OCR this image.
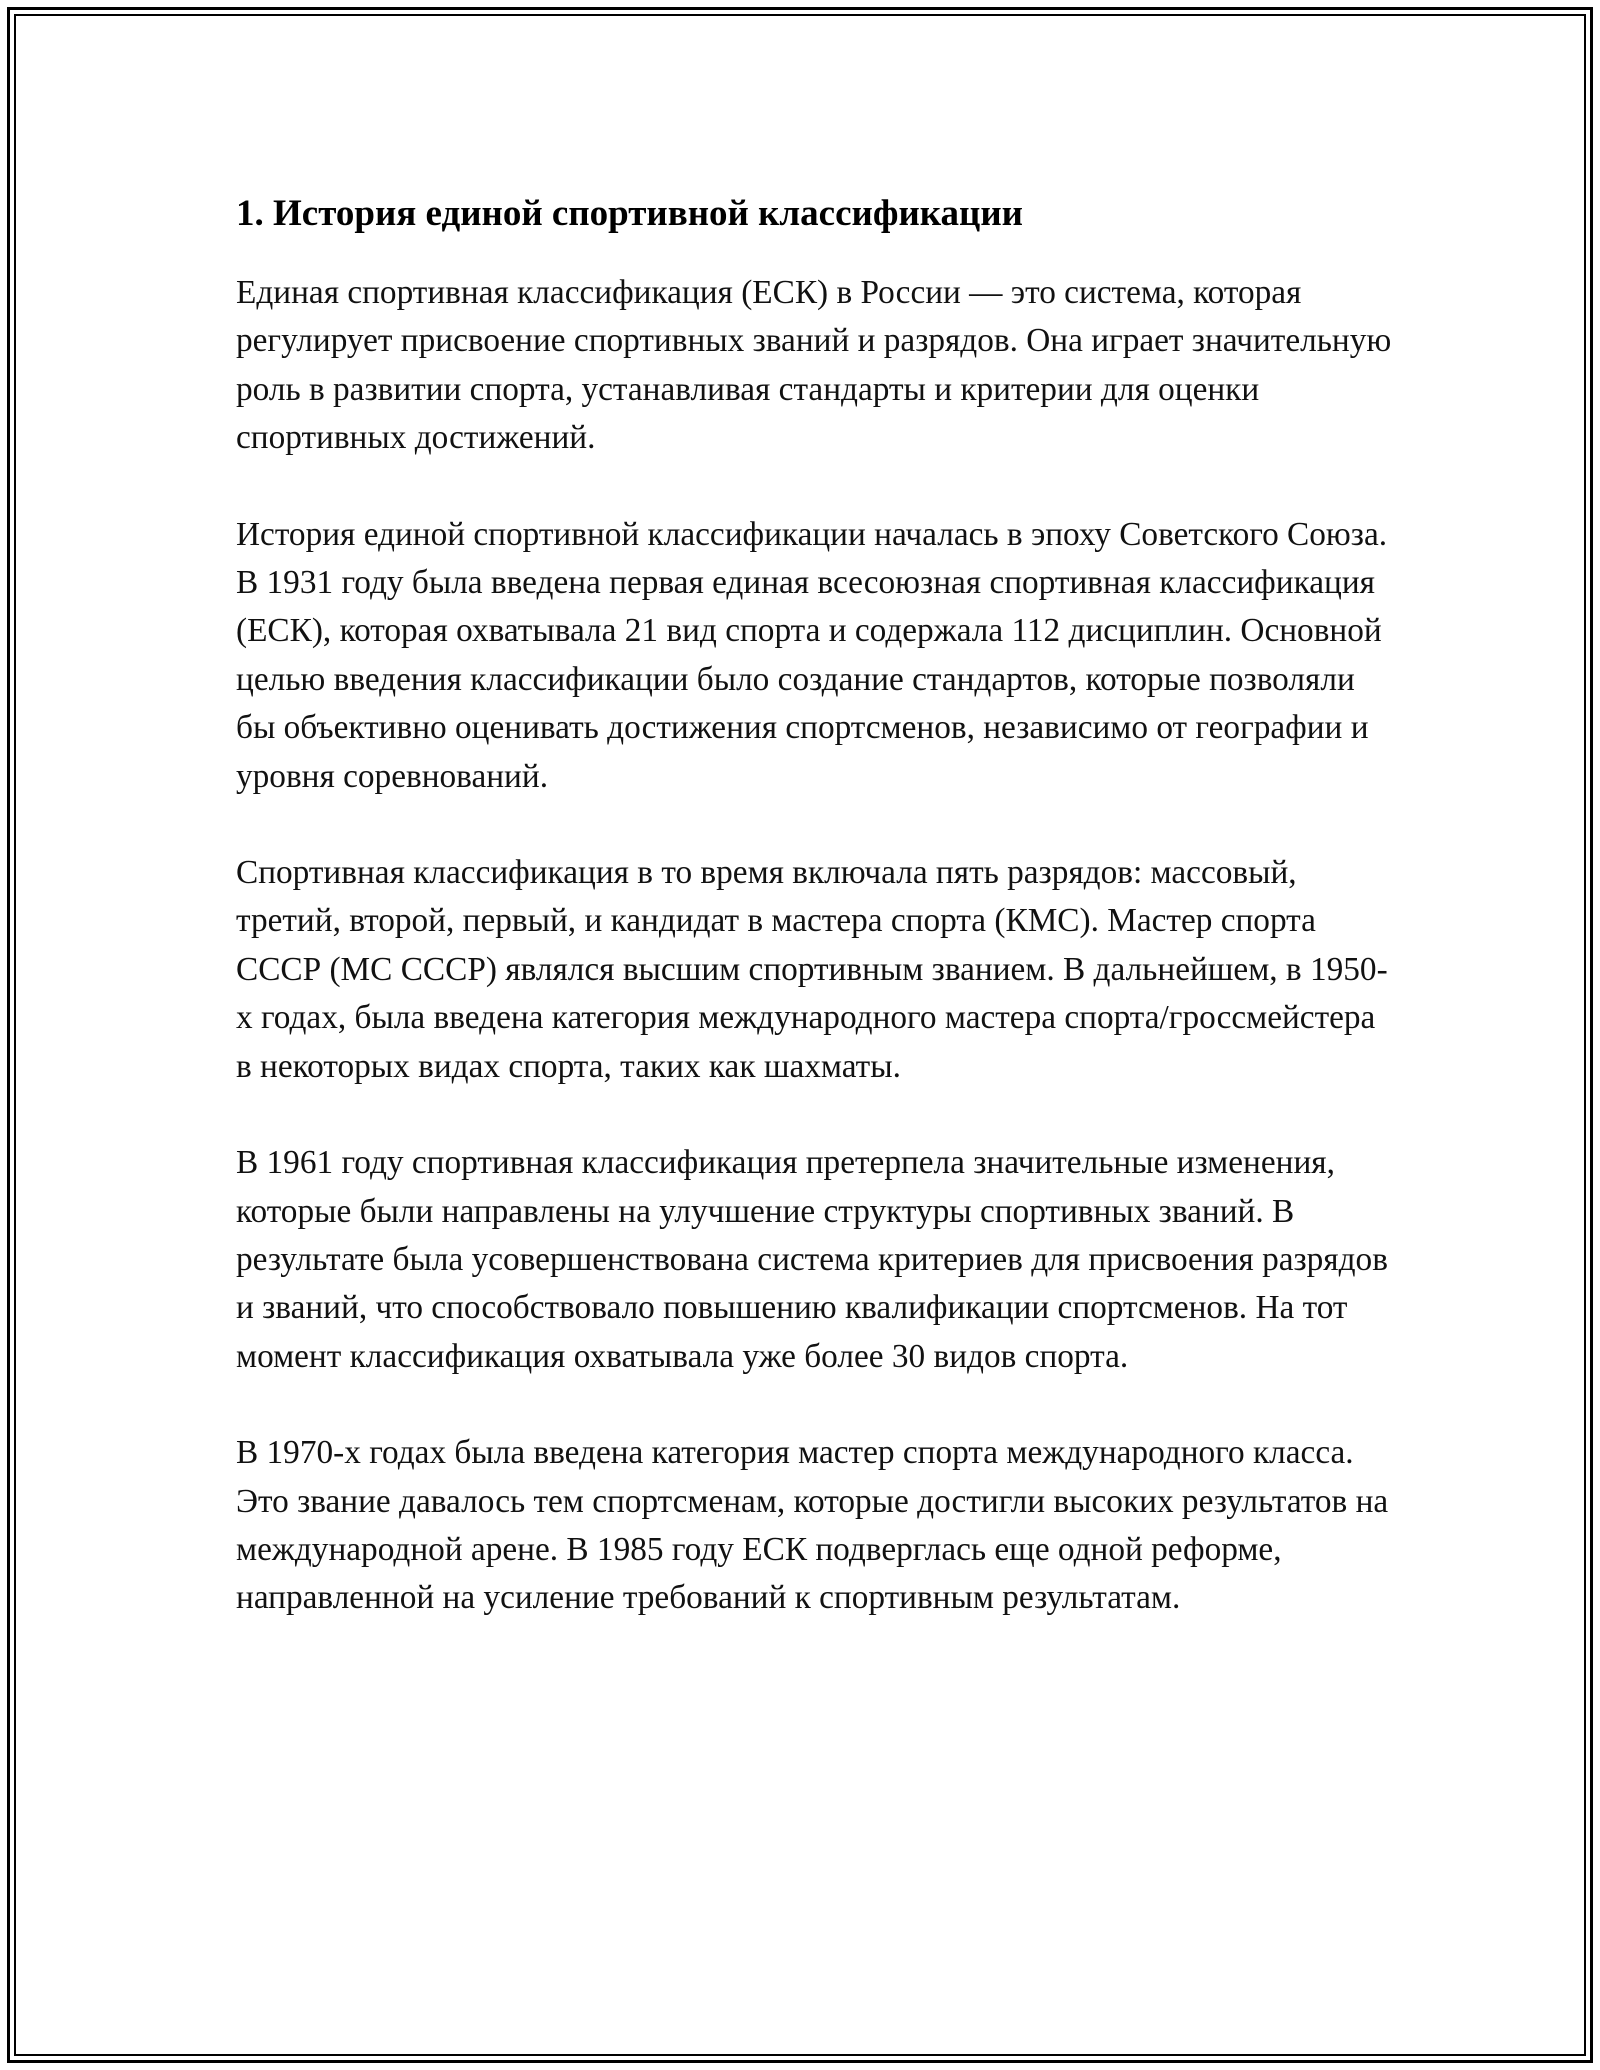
1. История единой спортивной классификации

Единая спортивная классификация (ЕСК) в России — это система, которая регулирует присвоение спортивных званий и разрядов. Она играет значительную роль в развитии спорта, устанавливая стандарты и критерии для оценки спортивных достижений.

История единой спортивной классификации началась в эпоху Советского Союза. В 1931 году была введена первая единая всесоюзная спортивная классификация (ЕСК), которая охватывала 21 вид спорта и содержала 112 дисциплин. Основной целью введения классификации было создание стандартов, которые позволяли бы объективно оценивать достижения спортсменов, независимо от географии и уровня соревнований.

Спортивная классификация в то время включала пять разрядов: массовый, третий, второй, первый, и кандидат в мастера спорта (КМС). Мастер спорта СССР (МС СССР) являлся высшим спортивным званием. В дальнейшем, в 1950-х годах, была введена категория международного мастера спорта/гроссмейстера в некоторых видах спорта, таких как шахматы.

В 1961 году спортивная классификация претерпела значительные изменения, которые были направлены на улучшение структуры спортивных званий. В результате была усовершенствована система критериев для присвоения разрядов и званий, что способствовало повышению квалификации спортсменов. На тот момент классификация охватывала уже более 30 видов спорта.

В 1970-х годах была введена категория мастер спорта международного класса. Это звание давалось тем спортсменам, которые достигли высоких результатов на международной арене. В 1985 году ЕСК подверглась еще одной реформе, направленной на усиление требований к спортивным результатам.
